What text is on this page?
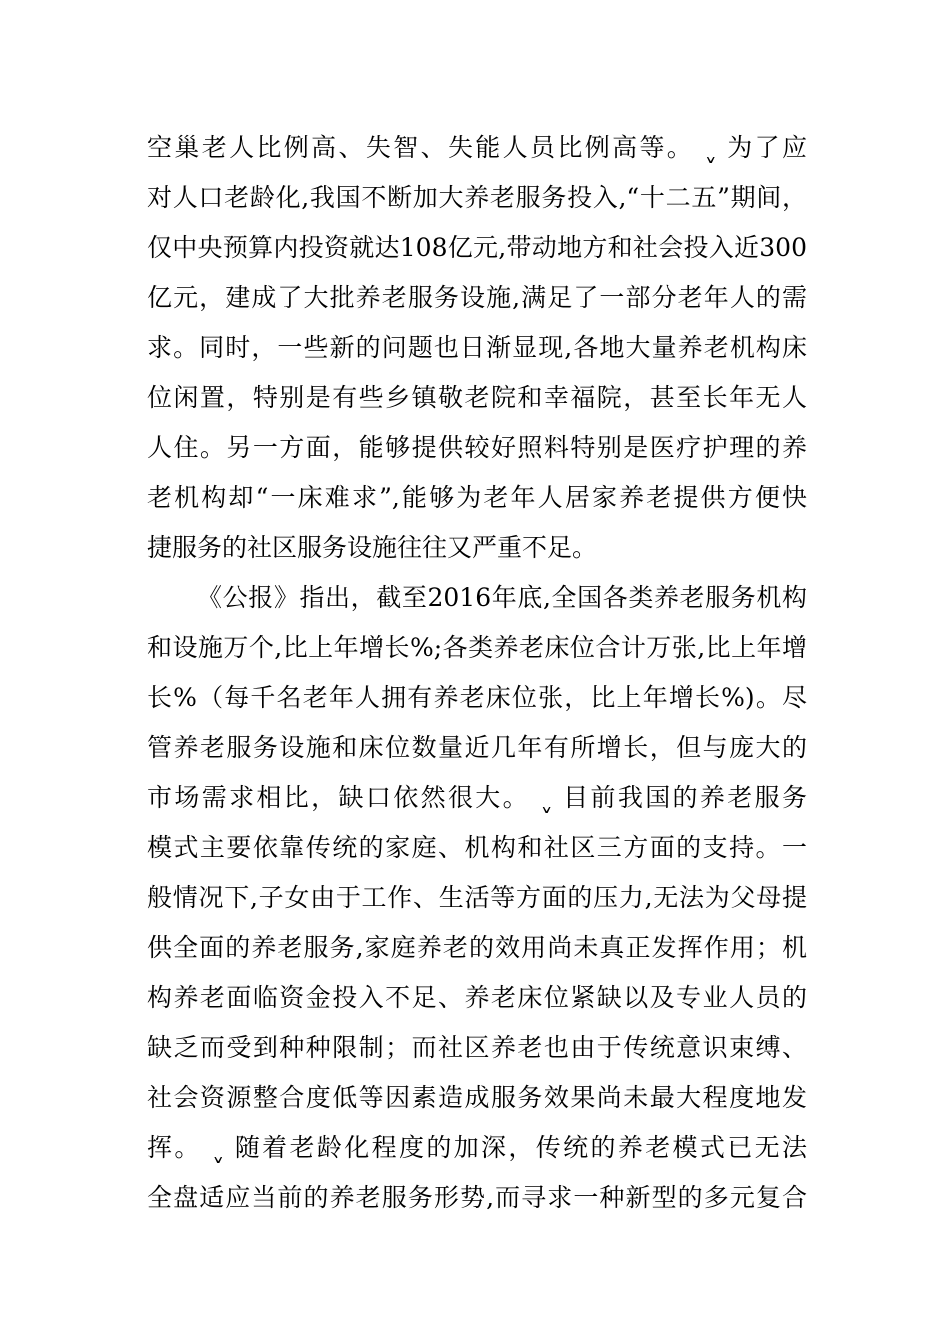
空巢老人比例高、失智、失能人员比例高等。 ˬ 为了应
对人口老龄化,我国不断加大养老服务投入,“十二五”期间，
仅中央预算内投资就达108亿元,带动地方和社会投入近300
亿元，建成了大批养老服务设施,满足了一部分老年人的需
求。同时，一些新的问题也日渐显现,各地大量养老机构床
位闲置，特别是有些乡镇敬老院和幸福院，甚至长年无人
人住。另一方面，能够提供较好照料特别是医疗护理的养
老机构却“一床难求”,能够为老年人居家养老提供方便快
捷服务的社区服务设施往往又严重不足。
《公报》指出，截至2016年底,全国各类养老服务机构
和设施万个,比上年增长%;各类养老床位合计万张,比上年增
长%（每千名老年人拥有养老床位张，比上年增长%)。尽
管养老服务设施和床位数量近几年有所增长，但与庞大的
市场需求相比，缺口依然很大。 ˬ 目前我国的养老服务
模式主要依靠传统的家庭、机构和社区三方面的支持。一
般情况下,子女由于工作、生活等方面的压力,无法为父母提
供全面的养老服务,家庭养老的效用尚未真正发挥作用；机
构养老面临资金投入不足、养老床位紧缺以及专业人员的
缺乏而受到种种限制；而社区养老也由于传统意识束缚、
社会资源整合度低等因素造成服务效果尚未最大程度地发
挥。 ˬ 随着老龄化程度的加深，传统的养老模式已无法
全盘适应当前的养老服务形势,而寻求一种新型的多元复合
